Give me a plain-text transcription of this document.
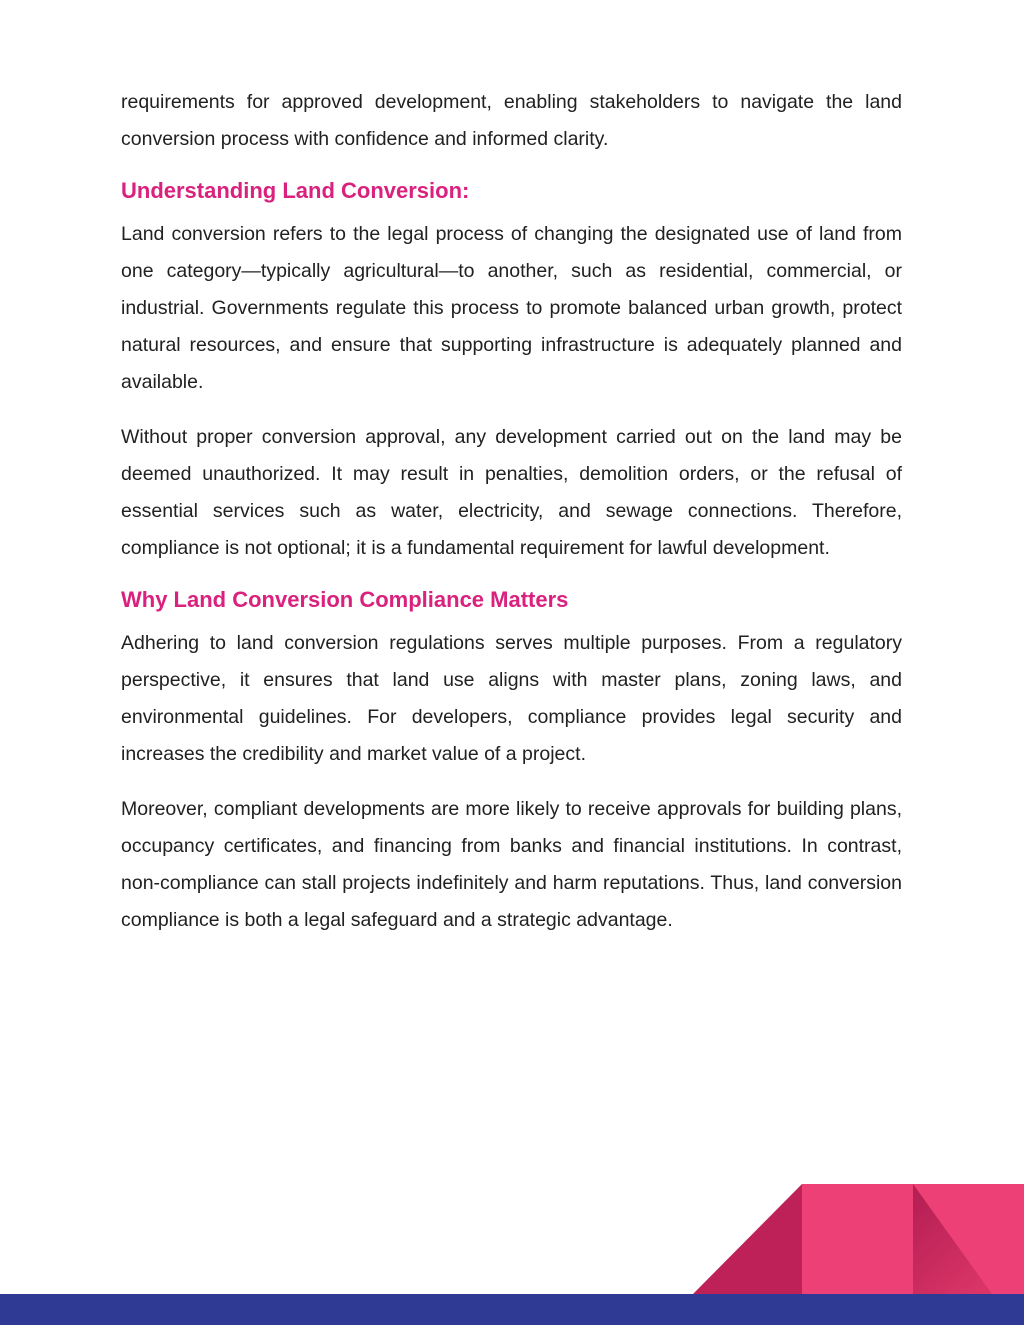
requirements for approved development, enabling stakeholders to navigate the land conversion process with confidence and informed clarity.

Understanding Land Conversion:

Land conversion refers to the legal process of changing the designated use of land from one category—typically agricultural—to another, such as residential, commercial, or industrial. Governments regulate this process to promote balanced urban growth, protect natural resources, and ensure that supporting infrastructure is adequately planned and available.

Without proper conversion approval, any development carried out on the land may be deemed unauthorized. It may result in penalties, demolition orders, or the refusal of essential services such as water, electricity, and sewage connections. Therefore, compliance is not optional; it is a fundamental requirement for lawful development.

Why Land Conversion Compliance Matters

Adhering to land conversion regulations serves multiple purposes. From a regulatory perspective, it ensures that land use aligns with master plans, zoning laws, and environmental guidelines. For developers, compliance provides legal security and increases the credibility and market value of a project.

Moreover, compliant developments are more likely to receive approvals for building plans, occupancy certificates, and financing from banks and financial institutions. In contrast, non-compliance can stall projects indefinitely and harm reputations. Thus, land conversion compliance is both a legal safeguard and a strategic advantage.
